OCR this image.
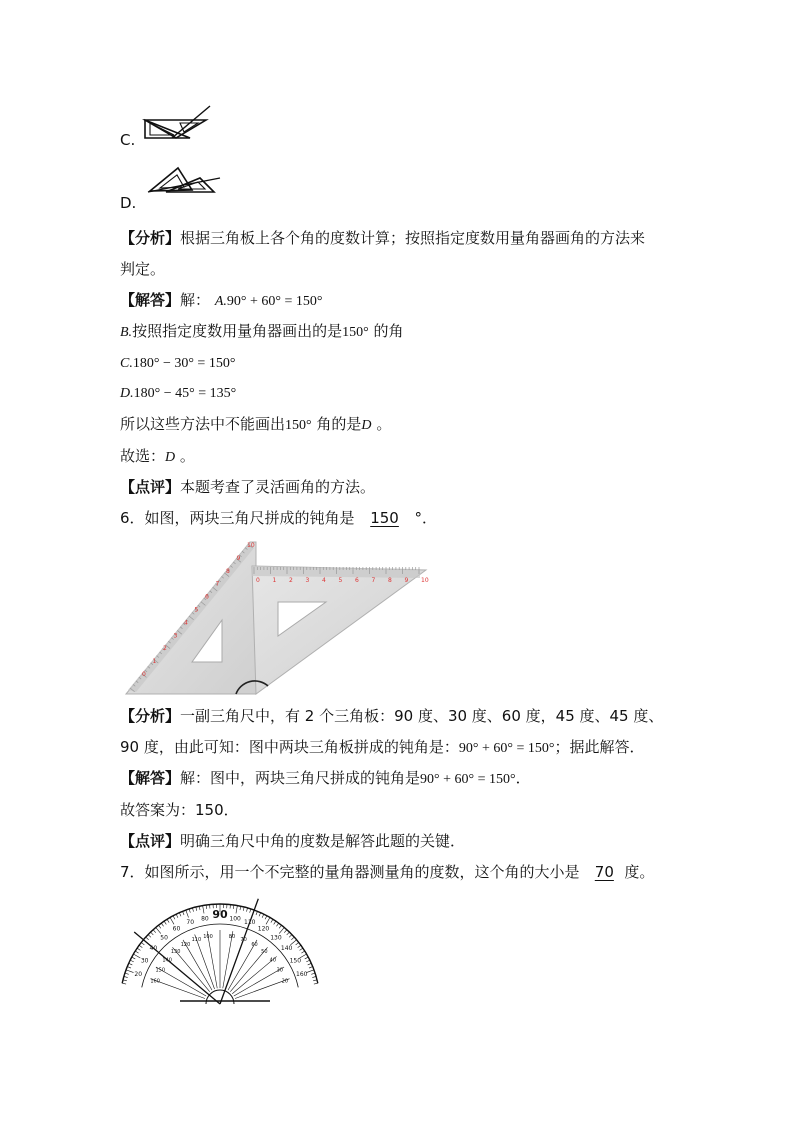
C.
D.
【分析】根据三角板上各个角的度数计算；按照指定度数用量角器画角的方法来
判定。
【解答】解： A.90° + 60° = 150°
B.按照指定度数用量角器画出的是150° 的角
C.180° − 30° = 150°
D.180° − 45° = 135°
所以这些方法中不能画出150° 角的是D 。
故选：D 。
【点评】本题考查了灵活画角的方法。
6．如图，两块三角尺拼成的钝角是 150 °．
0
0
1
1
2
2
3
3
4
4
5
5
6
6
7
7
8
8
9
9
10
10
【分析】一副三角尺中，有 2 个三角板：90 度、30 度、60 度，45 度、45 度、
90 度，由此可知：图中两块三角板拼成的钝角是：90° + 60° = 150°；据此解答．
【解答】解：图中，两块三角尺拼成的钝角是90° + 60° = 150°．
故答案为：150．
【点评】明确三角尺中角的度数是解答此题的关键．
7．如图所示，用一个不完整的量角器测量角的度数，这个角的大小是 70 度。
20
160
30
150
40
140
50
130
60
120
70
110
80
100
100
80
110
70
120
60
130
50
140
40 150
30
160
20
90
